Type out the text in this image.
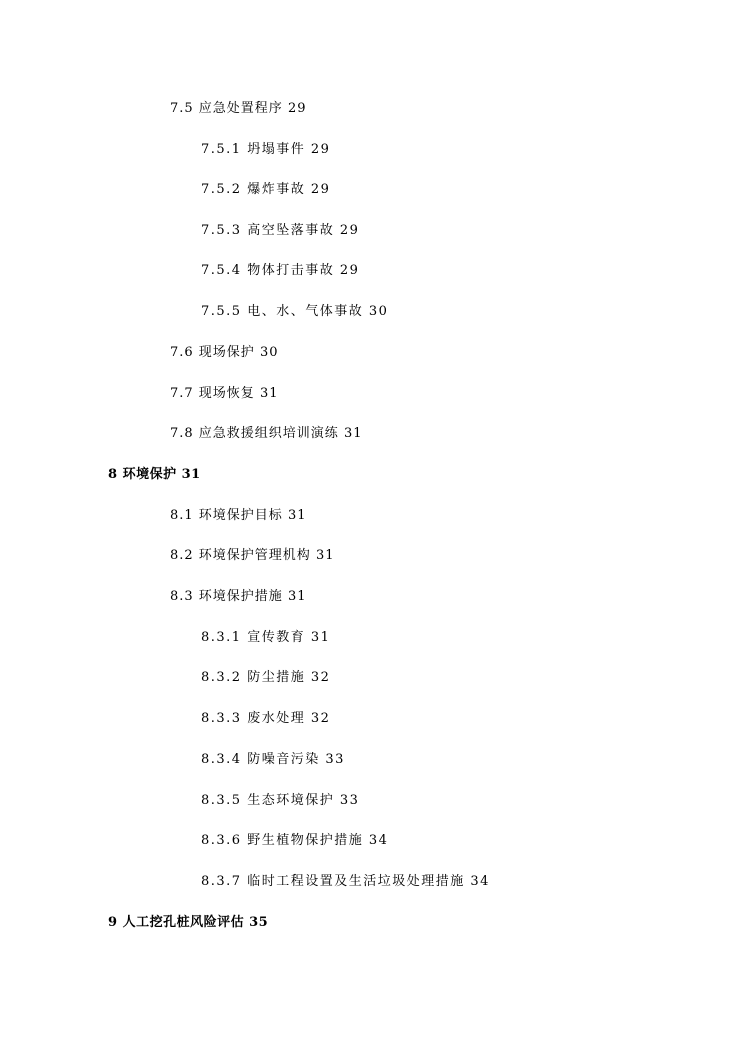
7.5 应急处置程序 29
7.5.1 坍塌事件 29
7.5.2 爆炸事故 29
7.5.3 高空坠落事故 29
7.5.4 物体打击事故 29
7.5.5 电、水、气体事故 30
7.6 现场保护 30
7.7 现场恢复 31
7.8 应急救援组织培训演练 31
8 环境保护 31
8.1 环境保护目标 31
8.2 环境保护管理机构 31
8.3 环境保护措施 31
8.3.1 宣传教育 31
8.3.2 防尘措施 32
8.3.3 废水处理 32
8.3.4 防噪音污染 33
8.3.5 生态环境保护 33
8.3.6 野生植物保护措施 34
8.3.7 临时工程设置及生活垃圾处理措施 34
9 人工挖孔桩风险评估 35
